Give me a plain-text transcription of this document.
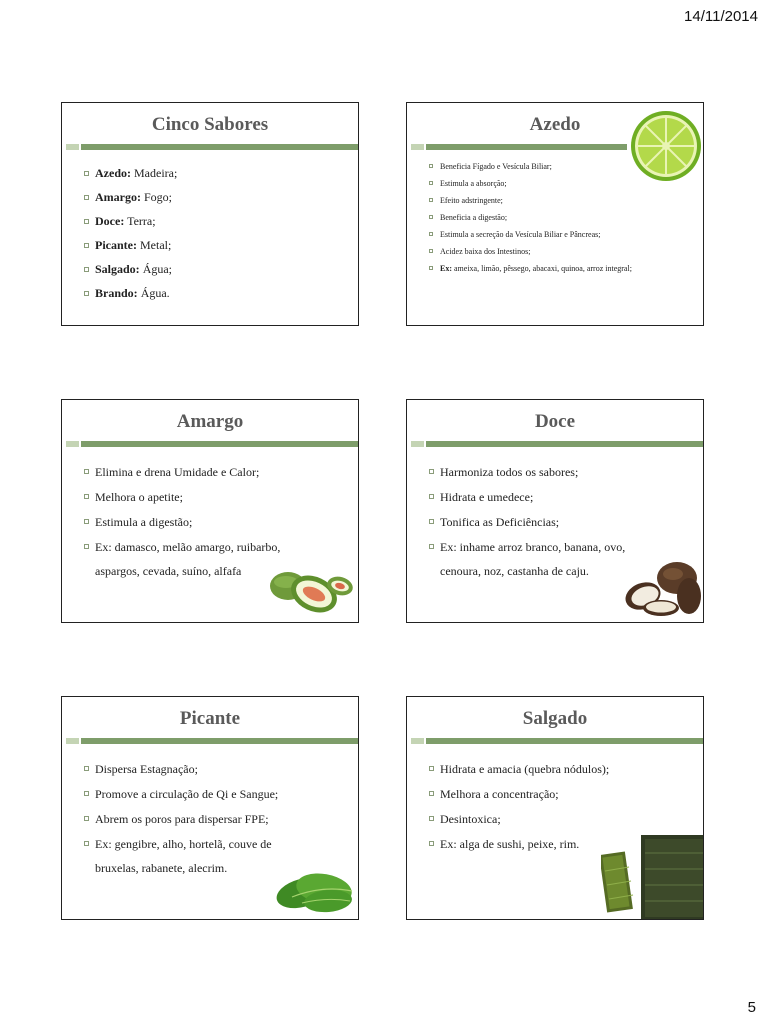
14/11/2014
Cinco Sabores
Azedo: Madeira;
Amargo: Fogo;
Doce: Terra;
Picante: Metal;
Salgado: Água;
Brando: Água.
Azedo
Beneficia Fígado e Vesícula Biliar;
Estimula a absorção;
Efeito adstringente;
Beneficia a digestão;
Estimula a secreção da Vesícula Biliar e Pâncreas;
Acidez baixa dos Intestinos;
Ex: ameixa, limão, pêssego, abacaxi, quinoa, arroz integral;
Amargo
Elimina e drena Umidade e Calor;
Melhora o apetite;
Estimula a digestão;
Ex: damasco, melão amargo, ruibarbo, aspargos, cevada, suíno, alfafa
Doce
Harmoniza todos os sabores;
Hidrata e umedece;
Tonifica as Deficiências;
Ex: inhame arroz branco, banana, ovo, cenoura, noz, castanha de caju.
Picante
Dispersa Estagnação;
Promove a circulação de Qi e Sangue;
Abrem os poros para dispersar FPE;
Ex: gengibre, alho, hortelã, couve de bruxelas, rabanete, alecrim.
Salgado
Hidrata e amacia (quebra nódulos);
Melhora a concentração;
Desintoxica;
Ex: alga de sushi, peixe, rim.
5
